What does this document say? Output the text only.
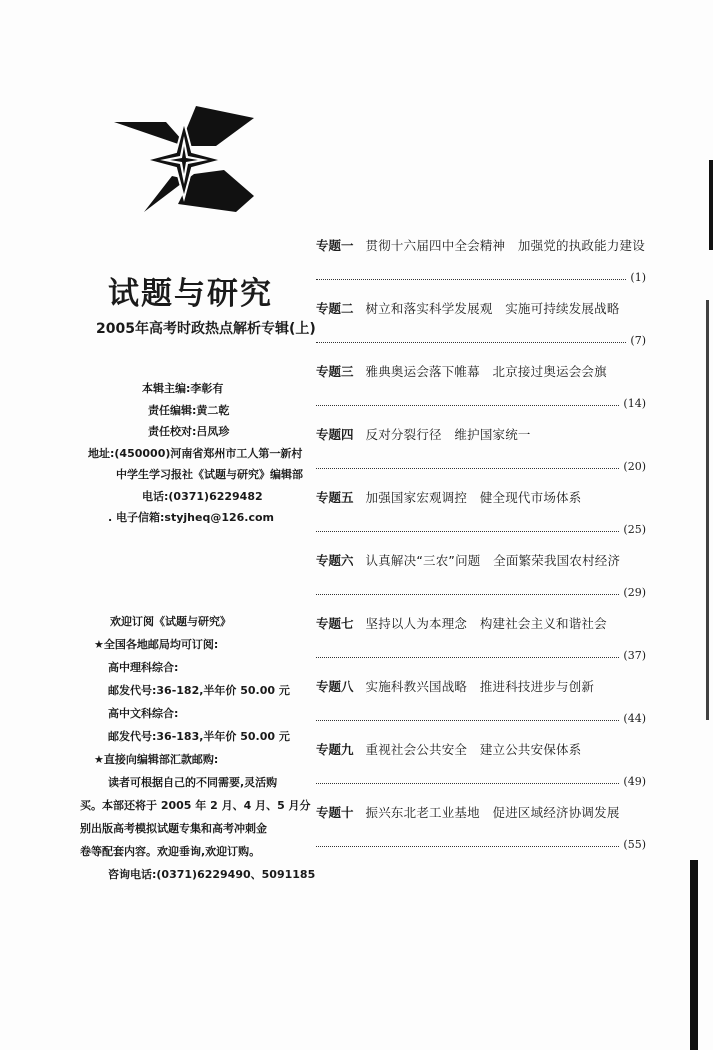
试题与研究
2005年高考时政热点解析专辑(上)
本辑主编:李彰有
责任编辑:黄二乾
责任校对:吕凤珍
地址:(450000)河南省郑州市工人第一新村
中学生学习报社《试题与研究》编辑部
电话:(0371)6229482
. 电子信箱:styjheq@126.com
欢迎订阅《试题与研究》
★全国各地邮局均可订阅:
高中理科综合:
邮发代号:36-182,半年价 50.00 元
高中文科综合:
邮发代号:36-183,半年价 50.00 元
★直接向编辑部汇款邮购:
读者可根据自己的不同需要,灵活购
买。本部还将于 2005 年 2 月、4 月、5 月分
别出版高考模拟试题专集和高考冲刺金
卷等配套内容。欢迎垂询,欢迎订购。
咨询电话:(0371)6229490、5091185
专题一 贯彻十六届四中全会精神　加强党的执政能力建设
(1)
专题二 树立和落实科学发展观　实施可持续发展战略
(7)
专题三 雅典奥运会落下帷幕　北京接过奥运会会旗
(14)
专题四 反对分裂行径　维护国家统一
(20)
专题五 加强国家宏观调控　健全现代市场体系
(25)
专题六 认真解决“三农”问题　全面繁荣我国农村经济
(29)
专题七 坚持以人为本理念　构建社会主义和谐社会
(37)
专题八 实施科教兴国战略　推进科技进步与创新
(44)
专题九 重视社会公共安全　建立公共安保体系
(49)
专题十 振兴东北老工业基地　促进区域经济协调发展
(55)
